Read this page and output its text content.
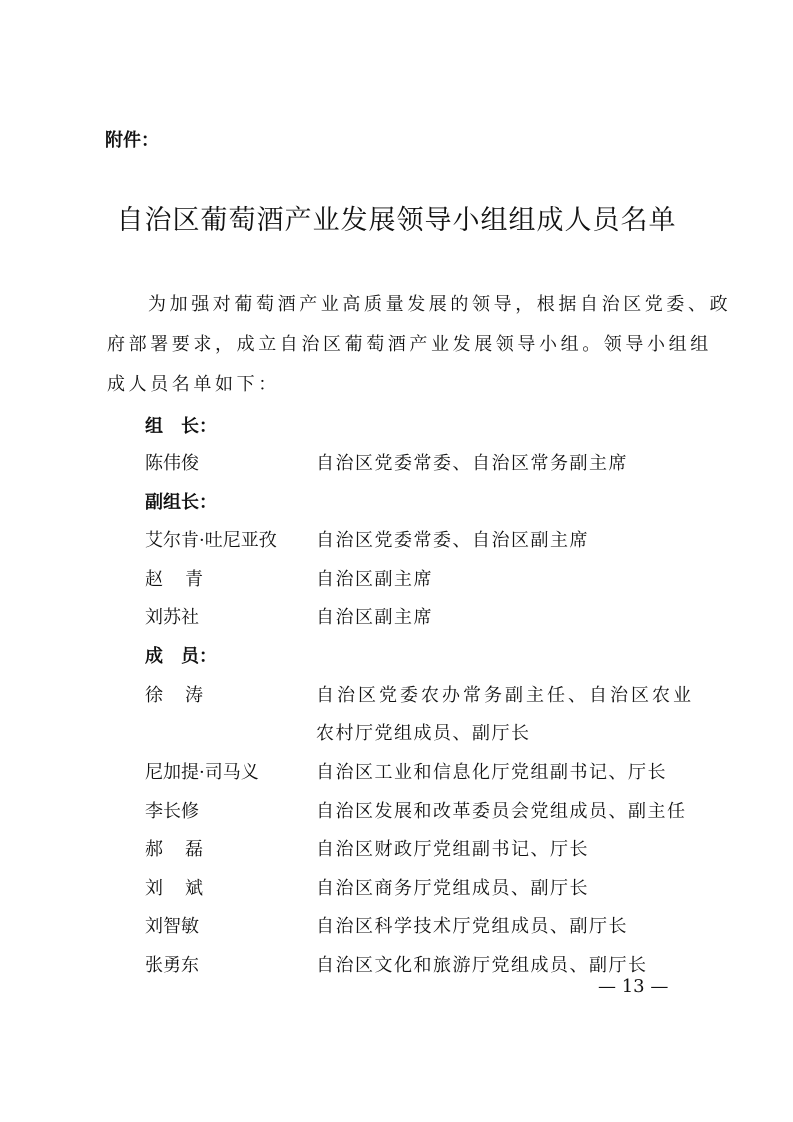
附件：
自治区葡萄酒产业发展领导小组组成人员名单
为加强对葡萄酒产业高质量发展的领导，根据自治区党委、政
府部署要求，成立自治区葡萄酒产业发展领导小组。领导小组组
成人员名单如下：
组　长：
陈伟俊	自治区党委常委、自治区常务副主席
副组长：
艾尔肯·吐尼亚孜 自治区党委常委、自治区副主席
赵青	自治区副主席
刘苏社	自治区副主席
成　员：
徐涛	自治区党委农办常务副主任、自治区农业
农村厅党组成员、副厅长
尼加提·司马义	自治区工业和信息化厅党组副书记、厅长
李长修	自治区发展和改革委员会党组成员、副主任
郝磊	自治区财政厅党组副书记、厅长
刘斌	自治区商务厅党组成员、副厅长
刘智敏	自治区科学技术厅党组成员、副厅长
张勇东	自治区文化和旅游厅党组成员、副厅长
— 13 —
